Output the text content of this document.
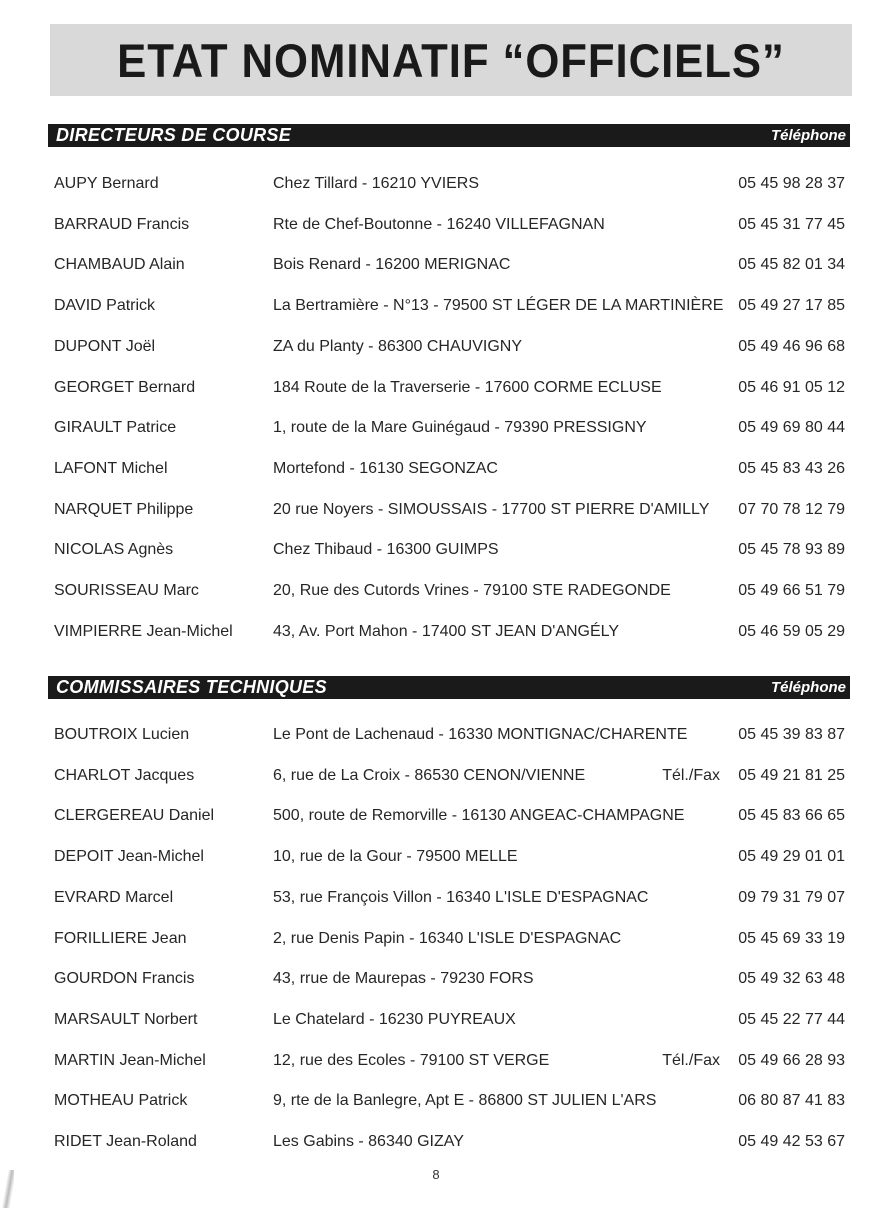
ETAT NOMINATIF “OFFICIELS”
DIRECTEURS DE COURSE	Téléphone
AUPY Bernard	Chez Tillard - 16210 YVIERS	05 45 98 28 37
BARRAUD Francis	Rte de Chef-Boutonne - 16240 VILLEFAGNAN	05 45 31 77 45
CHAMBAUD Alain	Bois Renard - 16200 MERIGNAC	05 45 82 01 34
DAVID Patrick	La Bertramière - N°13 - 79500 ST LÉGER DE LA MARTINIÈRE 05 49 27 17 85
DUPONT Joël	ZA du Planty - 86300 CHAUVIGNY	05 49 46 96 68
GEORGET Bernard	184 Route de la Traverserie - 17600 CORME ECLUSE	05 46 91 05 12
GIRAULT Patrice	1, route de la Mare Guinégaud - 79390 PRESSIGNY	05 49 69 80 44
LAFONT Michel	Mortefond - 16130 SEGONZAC	05 45 83 43 26
NARQUET Philippe	20 rue Noyers - SIMOUSSAIS - 17700 ST PIERRE D'AMILLY 07 70 78 12 79
NICOLAS Agnès	Chez Thibaud - 16300 GUIMPS	05 45 78 93 89
SOURISSEAU Marc	20, Rue des Cutords Vrines - 79100 STE RADEGONDE	05 49 66 51 79
VIMPIERRE Jean-Michel	43, Av. Port Mahon - 17400 ST JEAN D'ANGÉLY	05 46 59 05 29
COMMISSAIRES TECHNIQUES	Téléphone
BOUTROIX Lucien	Le Pont de Lachenaud - 16330 MONTIGNAC/CHARENTE	05 45 39 83 87
CHARLOT Jacques	6, rue de La Croix - 86530 CENON/VIENNE	Tél./Fax 05 49 21 81 25
CLERGEREAU Daniel	500, route de Remorville - 16130 ANGEAC-CHAMPAGNE	05 45 83 66 65
DEPOIT Jean-Michel	10, rue de la Gour - 79500 MELLE	05 49 29 01 01
EVRARD Marcel	53, rue François Villon - 16340 L'ISLE D'ESPAGNAC	09 79 31 79 07
FORILLIERE Jean	2, rue Denis Papin - 16340 L'ISLE D'ESPAGNAC	05 45 69 33 19
GOURDON Francis	43, rrue de Maurepas - 79230 FORS	05 49 32 63 48
MARSAULT Norbert	Le Chatelard - 16230 PUYREAUX	05 45 22 77 44
MARTIN Jean-Michel	12, rue des Ecoles - 79100 ST VERGE	Tél./Fax 05 49 66 28 93
MOTHEAU Patrick	9, rte de la Banlegre, Apt E - 86800 ST JULIEN L'ARS	06 80 87 41 83
RIDET Jean-Roland	Les Gabins - 86340 GIZAY	05 49 42 53 67
8
